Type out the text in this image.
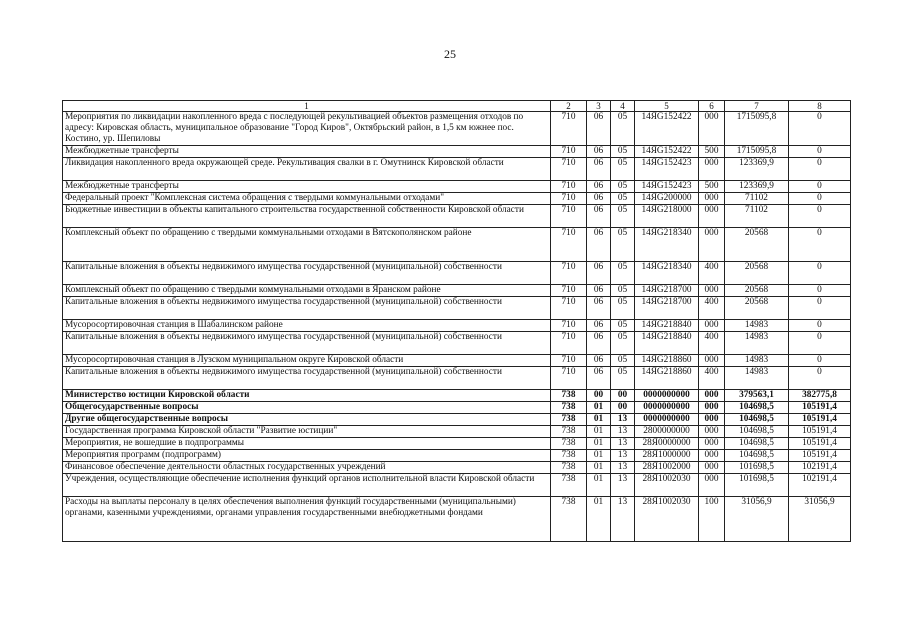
25
1	2	3	4	5	6	7	8
Мероприятия по ликвидации накопленного вреда с последующей рекультивацией объектов размещения отходов по адресу: Кировская область, муниципальное образование "Город Киров", Октябрьский район, в 1,5 км южнее пос. Костино, ур. Шепиловы	710	06	05	14ЯG152422	000	1715095,8	0
Межбюджетные трансферты	710	06	05	14ЯG152422	500	1715095,8	0
Ликвидация накопленного вреда окружающей среде. Рекультивация свалки в г. Омутнинск Кировской области	710	06	05	14ЯG152423	000	123369,9	0
Межбюджетные трансферты	710	06	05	14ЯG152423	500	123369,9	0
Федеральный проект "Комплексная система обращения с твердыми коммунальными отходами"	710	06	05	14ЯG200000	000	71102	0
Бюджетные инвестиции в объекты капитального строительства государственной собственности Кировской области	710	06	05	14ЯG218000	000	71102	0
Комплексный объект по обращению с твердыми коммунальными отходами в Вятскополянском районе	710	06	05	14ЯG218340	000	20568	0
Капитальные вложения в объекты недвижимого имущества государственной (муниципальной) собственности	710	06	05	14ЯG218340	400	20568	0
Комплексный объект по обращению с твердыми коммунальными отходами в Яранском районе	710	06	05	14ЯG218700	000	20568	0
Капитальные вложения в объекты недвижимого имущества государственной (муниципальной) собственности	710	06	05	14ЯG218700	400	20568	0
Мусоросортировочная станция в Шабалинском районе	710	06	05	14ЯG218840	000	14983	0
Капитальные вложения в объекты недвижимого имущества государственной (муниципальной) собственности	710	06	05	14ЯG218840	400	14983	0
Мусоросортировочная станция в Лузском муниципальном округе Кировской области	710	06	05	14ЯG218860	000	14983	0
Капитальные вложения в объекты недвижимого имущества государственной (муниципальной) собственности	710	06	05	14ЯG218860	400	14983	0
Министерство юстиции Кировской области	738	00	00	0000000000	000	379563,1	382775,8
Общегосударственные вопросы	738	01	00	0000000000	000	104698,5	105191,4
Другие общегосударственные вопросы	738	01	13	0000000000	000	104698,5	105191,4
Государственная программа Кировской области "Развитие юстиции"	738	01	13	2800000000	000	104698,5	105191,4
Мероприятия, не вошедшие в подпрограммы	738	01	13	28Я0000000	000	104698,5	105191,4
Мероприятия программ (подпрограмм)	738	01	13	28Я1000000	000	104698,5	105191,4
Финансовое обеспечение деятельности областных государственных учреждений	738	01	13	28Я1002000	000	101698,5	102191,4
Учреждения, осуществляющие обеспечение исполнения функций органов исполнительной власти Кировской области	738	01	13	28Я1002030	000	101698,5	102191,4
Расходы на выплаты персоналу в целях обеспечения выполнения функций государственными (муниципальными) органами, казенными учреждениями, органами управления государственными внебюджетными фондами	738	01	13	28Я1002030	100	31056,9	31056,9
